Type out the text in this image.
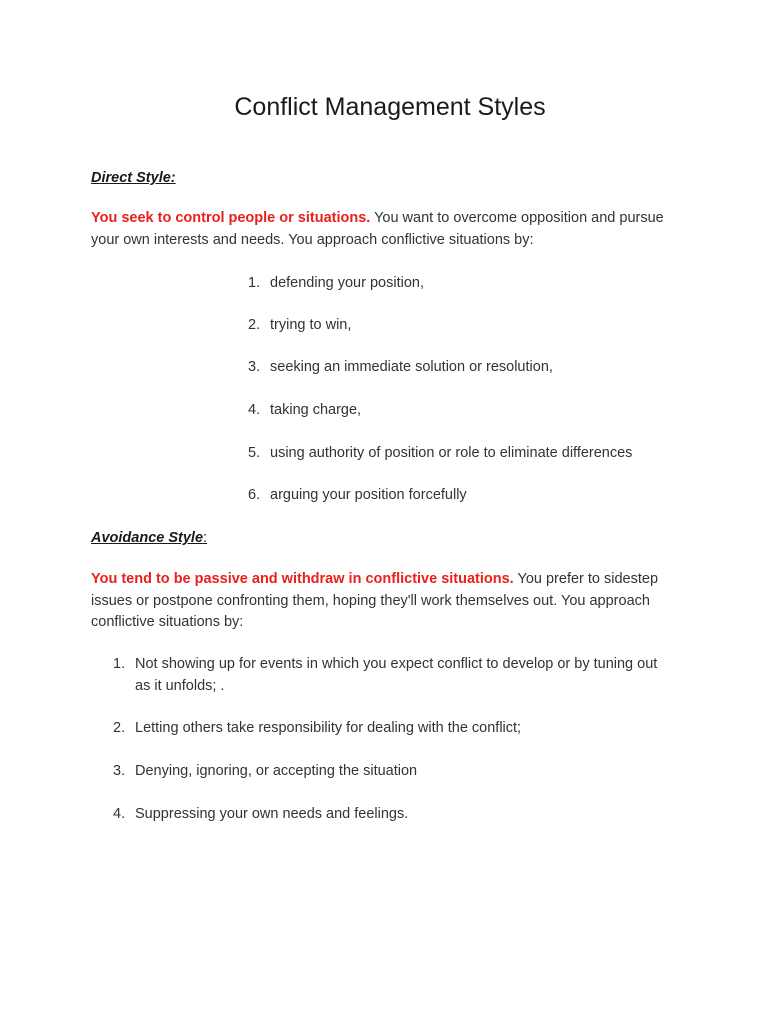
Conflict Management Styles
Direct Style:

You seek to control people or situations. You want to overcome opposition and pursue your own interests and needs. You approach conflictive situations by:

1. defending your position,
2. trying to win,
3. seeking an immediate solution or resolution,
4. taking charge,
5. using authority of position or role to eliminate differences
6. arguing your position forcefully
Avoidance Style:

You tend to be passive and withdraw in conflictive situations. You prefer to sidestep issues or postpone confronting them, hoping they'll work themselves out. You approach conflictive situations by:

1. Not showing up for events in which you expect conflict to develop or by tuning out as it unfolds; .
2. Letting others take responsibility for dealing with the conflict;
3. Denying, ignoring, or accepting the situation
4. Suppressing your own needs and feelings.
